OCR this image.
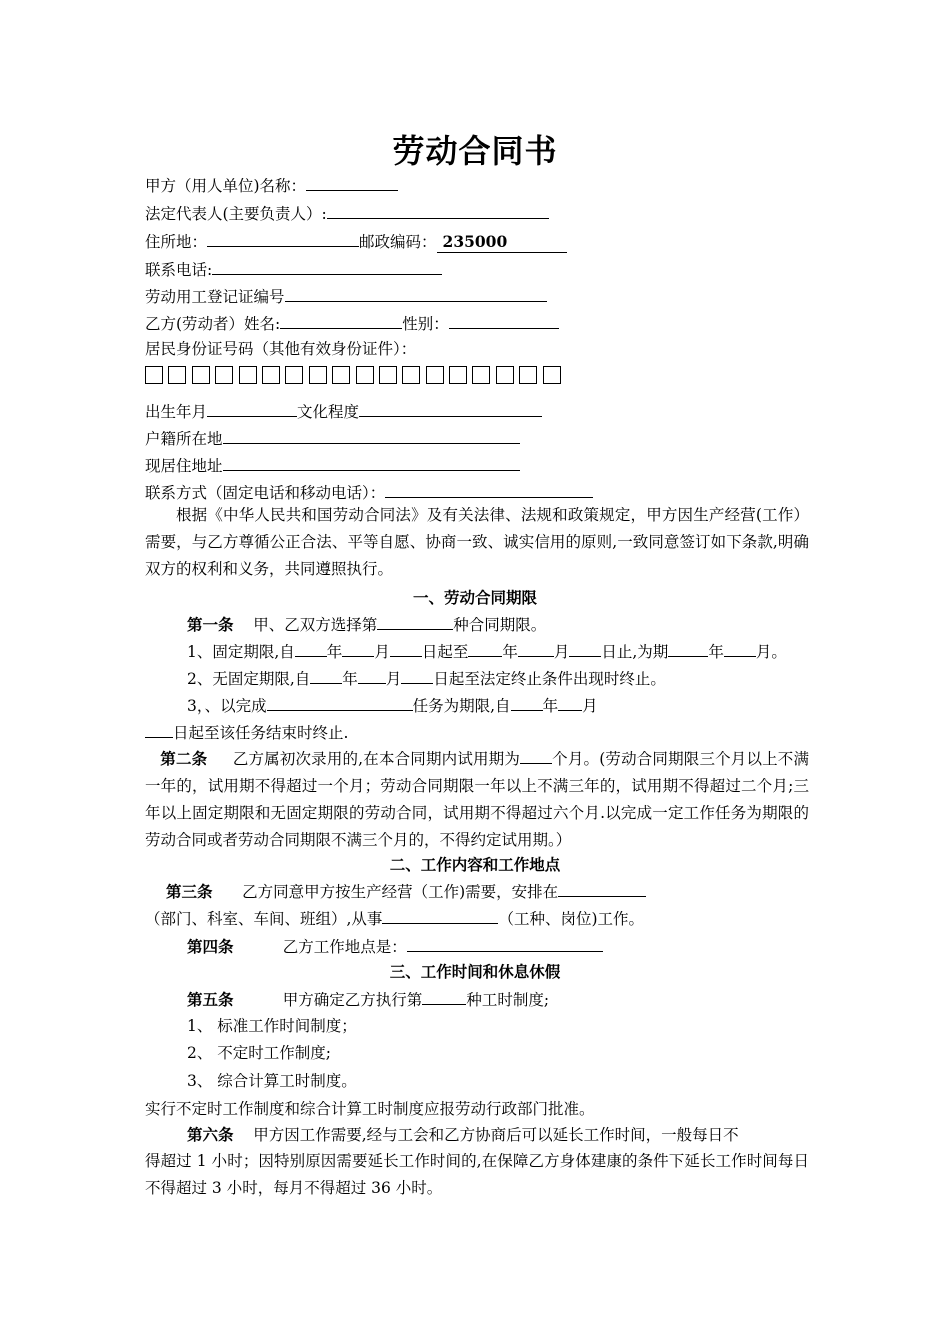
劳动合同书
甲方（用人单位)名称：
法定代表人(主要负责人）:
住所地：	邮政编码： 235000
联系电话:
劳动用工登记证编号
乙方(劳动者）姓名:	性别：
居民身份证号码（其他有效身份证件）：
出生年月	文化程度
户籍所在地
现居住地址
联系方式（固定电话和移动电话）：
根据《中华人民共和国劳动合同法》及有关法律、法规和政策规定，甲方因生产经营(工作）需要，与乙方尊循公正合法、平等自愿、协商一致、诚实信用的原则,一致同意签订如下条款,明确双方的权利和义务，共同遵照执行。
一、劳动合同期限
第一条 甲、乙双方选择第	种合同期限。
1、固定期限,自 年 月 日起至 年 月 日止,为期	年 月。
2、无固定期限,自 年 月 日起至法定终止条件出现时终止。
3，、以完成	任务为期限,自 年 月
日起至该任务结束时终止.
第二条 乙方属初次录用的,在本合同期内试用期为 个月。(劳动合同期限三个月以上不满一年的，试用期不得超过一个月；劳动合同期限一年以上不满三年的，试用期不得超过二个月;三年以上固定期限和无固定期限的劳动合同，试用期不得超过六个月.以完成一定工作任务为期限的劳动合同或者劳动合同期限不满三个月的，不得约定试用期。）
二、工作内容和工作地点
第三条 乙方同意甲方按生产经营（工作)需要，安排在
（部门、科室、车间、班组）,从事	（工种、岗位)工作。
第四条	乙方工作地点是：
三、工作时间和休息休假
第五条	甲方确定乙方执行第	种工时制度;
1、 标准工作时间制度；
2、 不定时工作制度;
3、 综合计算工时制度。
实行不定时工作制度和综合计算工时制度应报劳动行政部门批准。
第六条 甲方因工作需要,经与工会和乙方协商后可以延长工作时间，一般每日不
得超过 1 小时；因特别原因需要延长工作时间的,在保障乙方身体建康的条件下延长工作时间每日不得超过 3 小时，每月不得超过 36 小时。
